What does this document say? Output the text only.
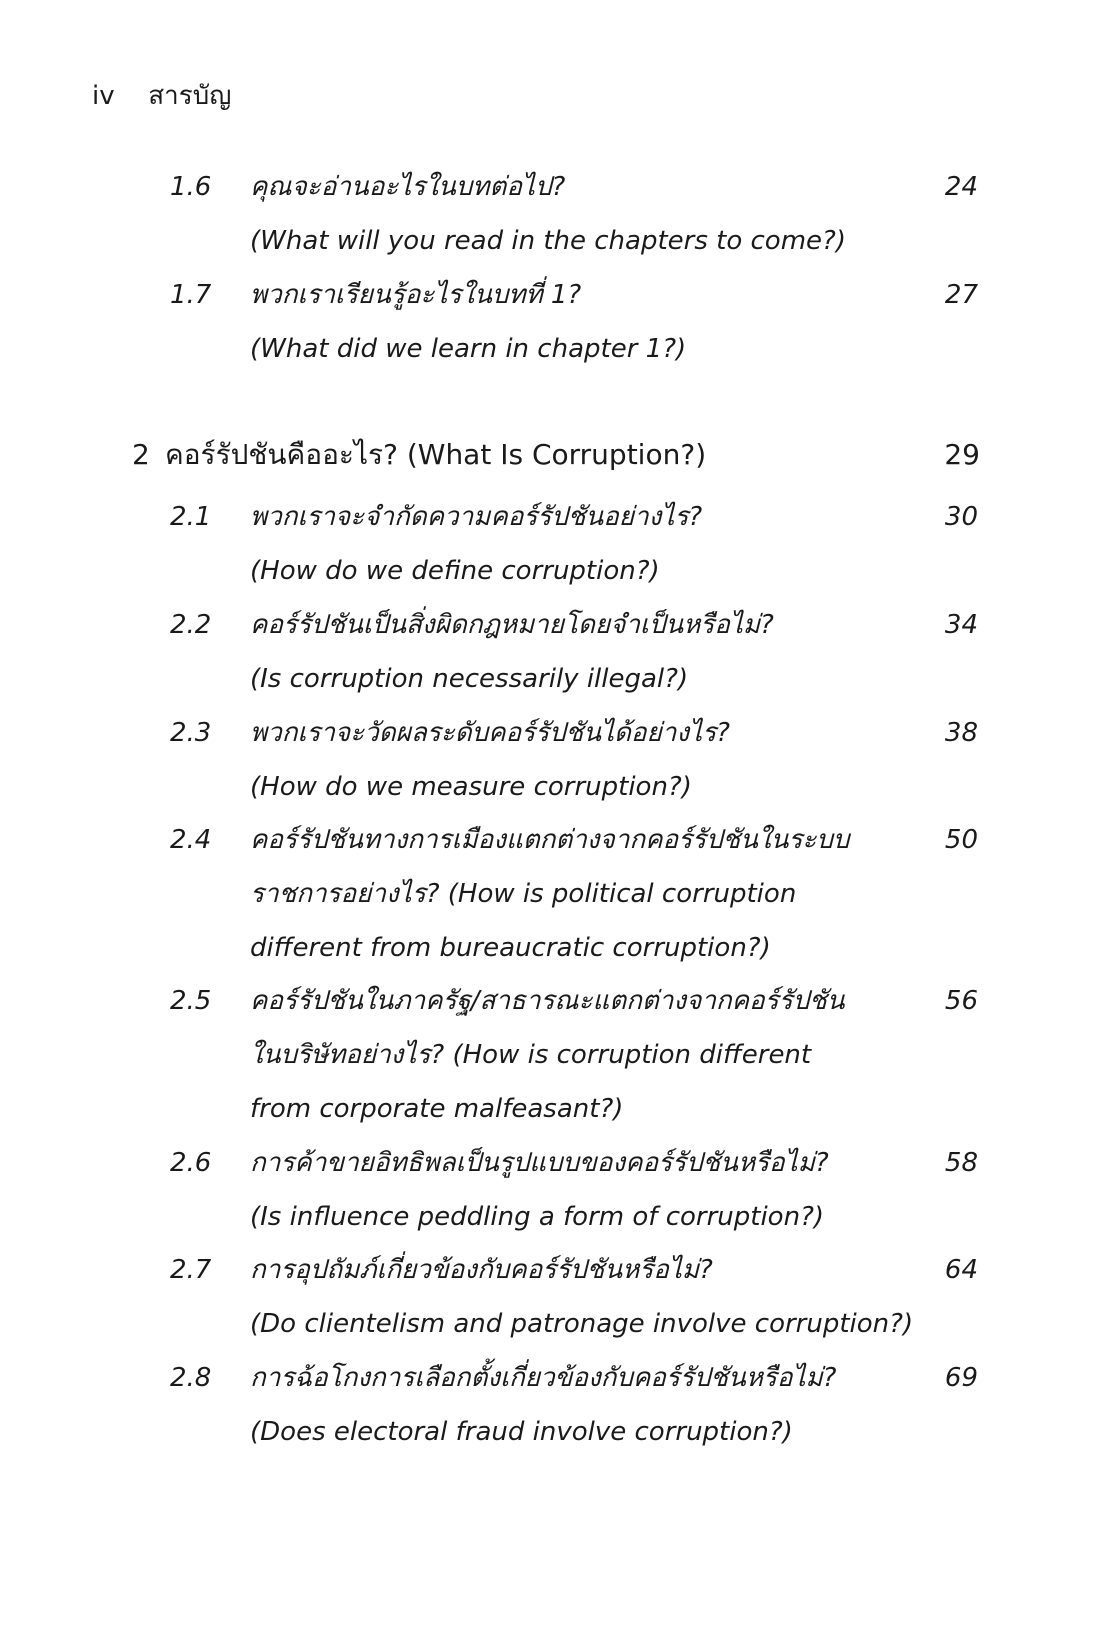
iv สารบัญ
1.6 คุณจะอ่านอะไรในบทต่อไป?
(What will you read in the chapters to come?)
24
1.7 พวกเราเรียนรู้อะไรในบทที่ 1?
(What did we learn in chapter 1?)
27
2 คอร์รัปชันคืออะไร? (What Is Corruption?)	29
2.1 พวกเราจะจำกัดความคอร์รัปชันอย่างไร?
(How do we define corruption?)
30
2.2 คอร์รัปชันเป็นสิ่งผิดกฎหมายโดยจำเป็นหรือไม่?
(Is corruption necessarily illegal?)
34
2.3 พวกเราจะวัดผลระดับคอร์รัปชันได้อย่างไร?
(How do we measure corruption?)
38
2.4 คอร์รัปชันทางการเมืองแตกต่างจากคอร์รัปชันในระบบ
ราชการอย่างไร? (How is political corruption
different from bureaucratic corruption?)
50
2.5 คอร์รัปชันในภาครัฐ/สาธารณะแตกต่างจากคอร์รัปชัน
ในบริษัทอย่างไร? (How is corruption different
from corporate malfeasant?)
56
2.6 การค้าขายอิทธิพลเป็นรูปแบบของคอร์รัปชันหรือไม่?
(Is influence peddling a form of corruption?)
58
2.7 การอุปถัมภ์เกี่ยวข้องกับคอร์รัปชันหรือไม่?
(Do clientelism and patronage involve corruption?)
64
2.8 การฉ้อโกงการเลือกตั้งเกี่ยวข้องกับคอร์รัปชันหรือไม่?
(Does electoral fraud involve corruption?)
69
